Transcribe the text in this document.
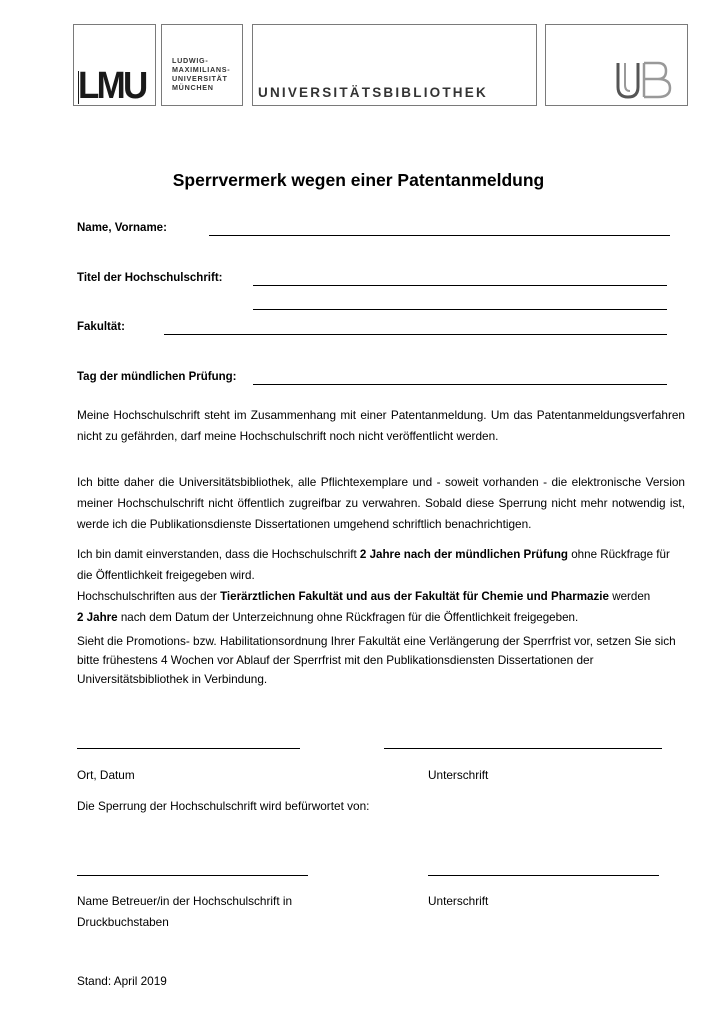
LMU
LUDWIG-
MAXIMILIANS-
UNIVERSITÄT
MÜNCHEN	UNIVERSITÄTSBIBLIOTHEK
UB
Sperrvermerk wegen einer Patentanmeldung
Name, Vorname:
Titel der Hochschulschrift:
Fakultät:
Tag der mündlichen Prüfung:
Meine Hochschulschrift steht im Zusammenhang mit einer Patentanmeldung. Um das Patentanmeldungsverfahren nicht zu gefährden, darf meine Hochschulschrift noch nicht veröffentlicht werden.
Ich bitte daher die Universitätsbibliothek, alle Pflichtexemplare und - soweit vorhanden - die elektronische Version meiner Hochschulschrift nicht öffentlich zugreifbar zu verwahren. Sobald diese Sperrung nicht mehr notwendig ist, werde ich die Publikationsdienste Dissertationen umgehend schriftlich benachrichtigen.
Ich bin damit einverstanden, dass die Hochschulschrift 2 Jahre nach der mündlichen Prüfung ohne Rückfrage für die Öffentlichkeit freigegeben wird.
Hochschulschriften aus der Tierärztlichen Fakultät und aus der Fakultät für Chemie und Pharmazie werden
2 Jahre nach dem Datum der Unterzeichnung ohne Rückfragen für die Öffentlichkeit freigegeben.
Sieht die Promotions- bzw. Habilitationsordnung Ihrer Fakultät eine Verlängerung der Sperrfrist vor, setzen Sie sich bitte frühestens 4 Wochen vor Ablauf der Sperrfrist mit den Publikationsdiensten Dissertationen der Universitätsbibliothek in Verbindung.
Ort, Datum	Unterschrift
Die Sperrung der Hochschulschrift wird befürwortet von:
Name Betreuer/in der Hochschulschrift in
Druckbuchstaben
Unterschrift
Stand: April 2019
